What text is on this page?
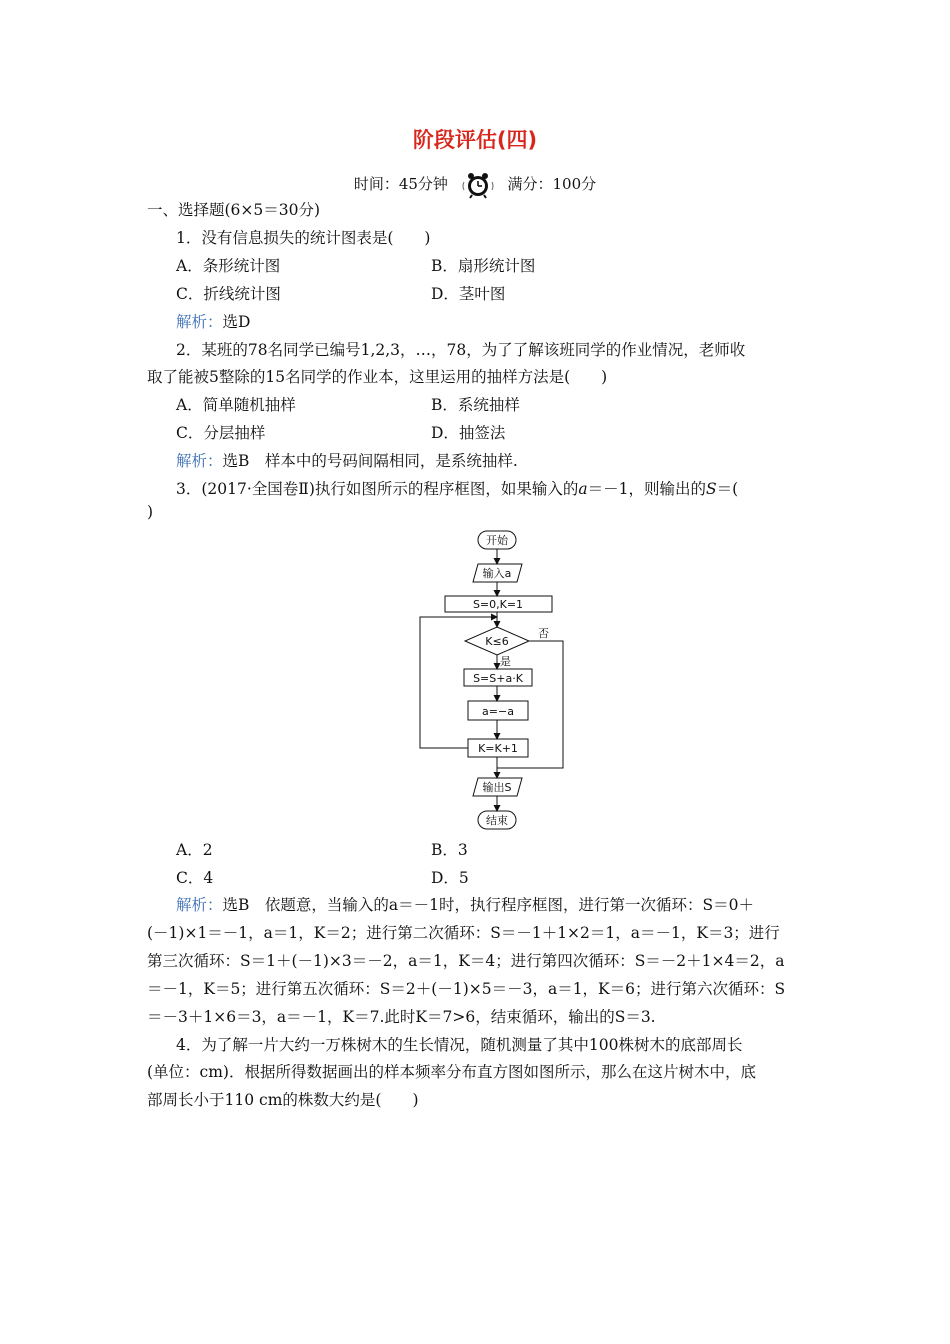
阶段评估(四)
时间：45分钟	满分：100分
一、选择题(6×5＝30分)
1．没有信息损失的统计图表是(　　)
A．条形统计图	B．扇形统计图
C．折线统计图	D．茎叶图
解析：选D
2．某班的78名同学已编号1,2,3，…，78，为了了解该班同学的作业情况，老师收
取了能被5整除的15名同学的作业本，这里运用的抽样方法是(　　)
A．简单随机抽样	B．系统抽样
C．分层抽样	D．抽签法
解析：选B　样本中的号码间隔相同，是系统抽样.
3．(2017·全国卷Ⅱ)执行如图所示的程序框图，如果输入的a＝－1，则输出的S＝(
)
开始
输入a
S=0,K=1
K≤6
否
是
S=S+a·K
a=−a
K=K+1
输出S
结束
A．2	B．3
C．4	D．5
解析：选B　依题意，当输入的a＝－1时，执行程序框图，进行第一次循环：S＝0＋
(－1)×1＝－1，a＝1，K＝2；进行第二次循环：S＝－1＋1×2＝1，a＝－1，K＝3；进行
第三次循环：S＝1＋(－1)×3＝－2，a＝1，K＝4；进行第四次循环：S＝－2＋1×4＝2，a
＝－1，K＝5；进行第五次循环：S＝2＋(－1)×5＝－3，a＝1，K＝6；进行第六次循环：S
＝－3＋1×6＝3，a＝－1，K＝7.此时K＝7>6，结束循环，输出的S＝3.
4．为了解一片大约一万株树木的生长情况，随机测量了其中100株树木的底部周长
(单位：cm)．根据所得数据画出的样本频率分布直方图如图所示，那么在这片树木中，底
部周长小于110 cm的株数大约是(　　)
